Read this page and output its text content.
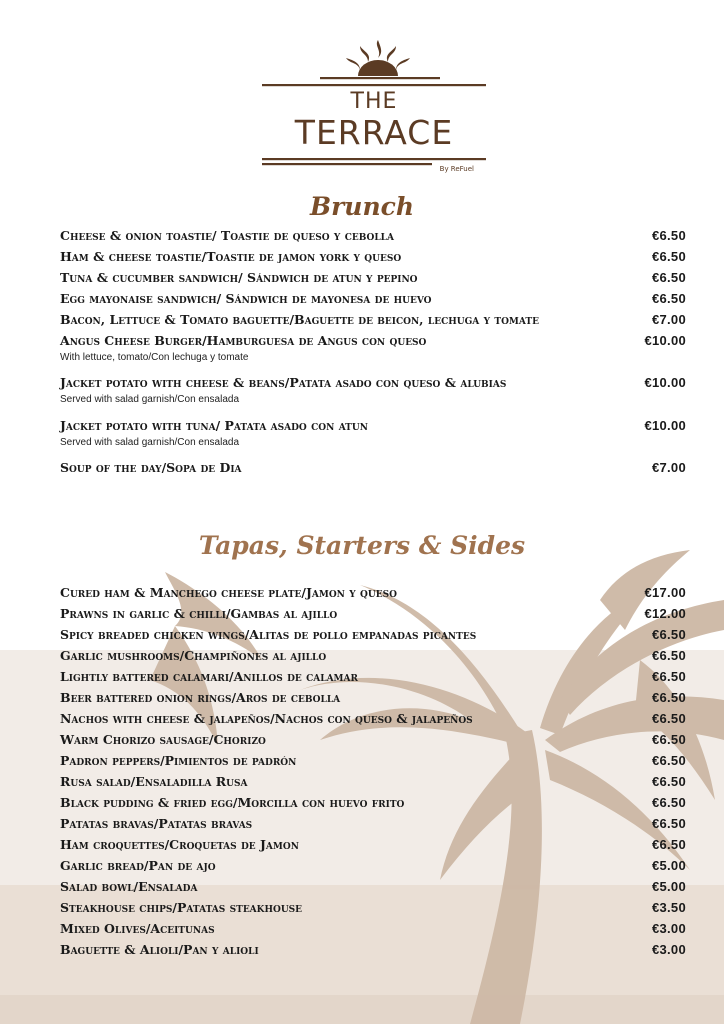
THE
TERRACE
By ReFuel
Brunch
Cheese & onion toastie/ Toastie de queso y cebolla	€6.50
Ham & cheese toastie/Toastie de jamon york y queso	€6.50
Tuna & cucumber sandwich/ Sándwich de atun y pepino	€6.50
Egg mayonaise sandwich/ Sándwich de mayonesa de huevo	€6.50
Bacon, Lettuce & Tomato baguette/Baguette de beicon, lechuga y tomate	€7.00
Angus Cheese Burger/Hamburguesa de Angus con queso	€10.00
With lettuce, tomato/Con lechuga y tomate
Jacket potato with cheese & beans/Patata asado con queso & alubias	€10.00
Served with salad garnish/Con ensalada
Jacket potato with tuna/ Patata asado con atun	€10.00
Served with salad garnish/Con ensalada
Soup of the day/Sopa de Dia	€7.00
Tapas, Starters & Sides
Cured ham & Manchego cheese plate/Jamon y queso	€17.00
Prawns in garlic & chilli/Gambas al ajillo	€12.00
Spicy breaded chicken wings/Alitas de pollo empanadas picantes	€6.50
Garlic mushrooms/Champiñones al ajillo	€6.50
Lightly battered calamari/Anillos de calamar	€6.50
Beer battered onion rings/Aros de cebolla	€6.50
Nachos with cheese & jalapeños/Nachos con queso & jalapeños	€6.50
Warm Chorizo sausage/Chorizo	€6.50
Padron peppers/Pimientos de padrón	€6.50
Rusa salad/Ensaladilla Rusa	€6.50
Black pudding & fried egg/Morcilla con huevo frito	€6.50
Patatas bravas/Patatas bravas	€6.50
Ham croquettes/Croquetas de Jamon	€6.50
Garlic bread/Pan de ajo	€5.00
Salad bowl/Ensalada	€5.00
Steakhouse chips/Patatas steakhouse	€3.50
Mixed Olives/Aceitunas	€3.00
Baguette & Alioli/Pan y alioli	€3.00
